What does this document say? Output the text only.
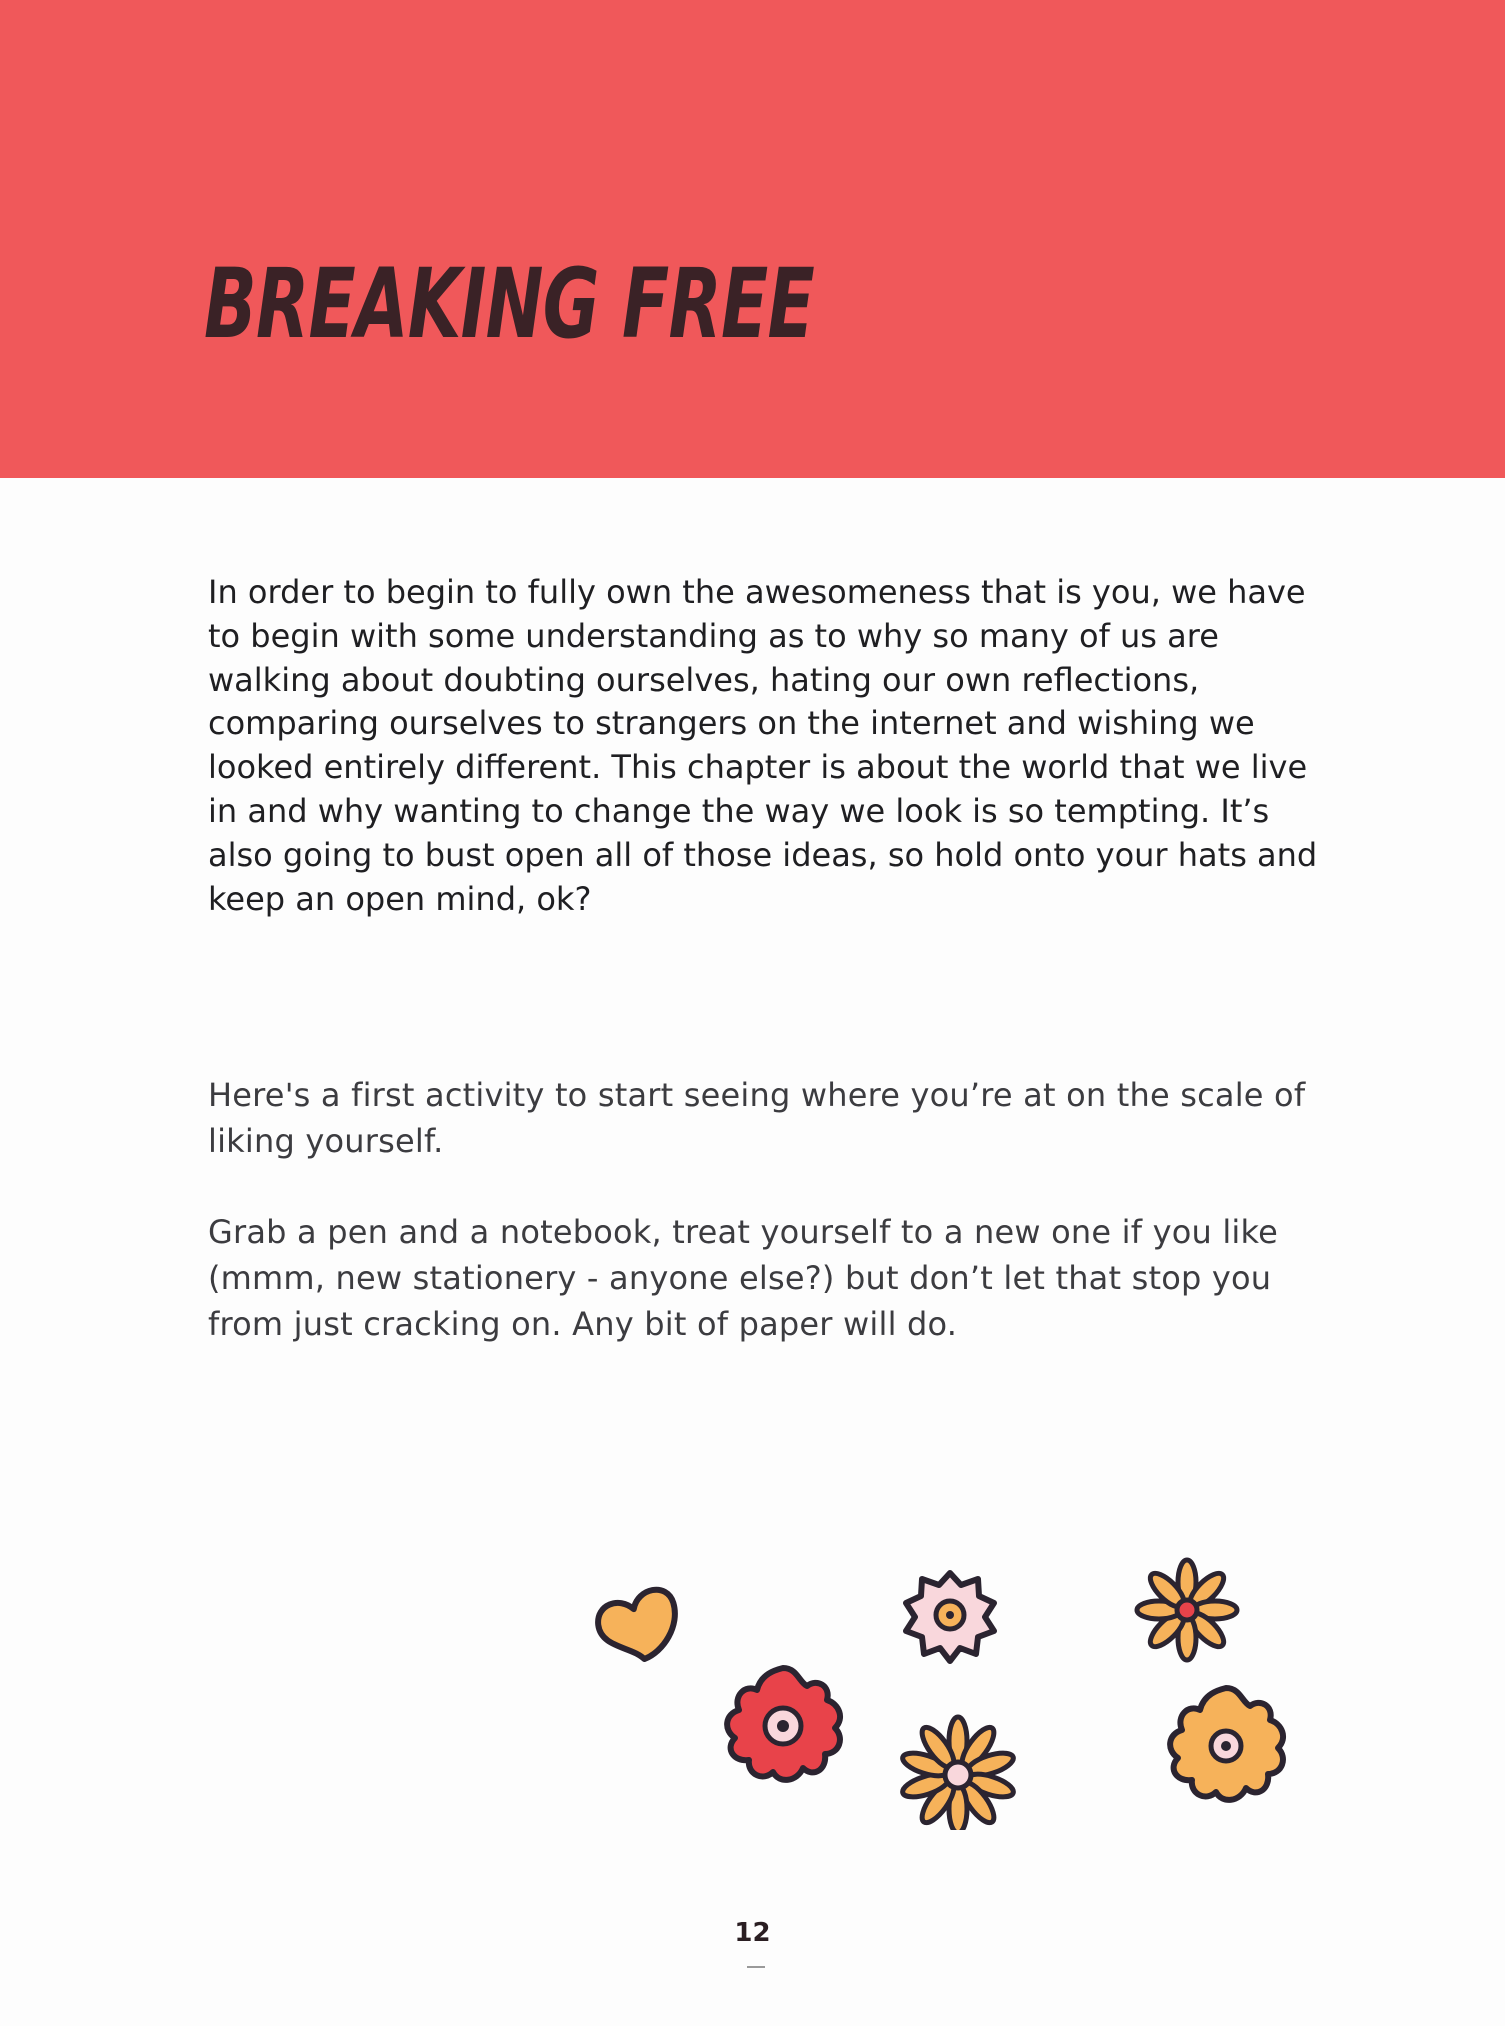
BREAKING FREE

In order to begin to fully own the awesomeness that is you, we have to begin with some understanding as to why so many of us are walking about doubting ourselves, hating our own reflections, comparing ourselves to strangers on the internet and wishing we looked entirely different. This chapter is about the world that we live in and why wanting to change the way we look is so tempting. It’s also going to bust open all of those ideas, so hold onto your hats and keep an open mind, ok?

Here's a first activity to start seeing where you’re at on the scale of liking yourself.

Grab a pen and a notebook, treat yourself to a new one if you like (mmm, new stationery - anyone else?) but don’t let that stop you from just cracking on. Any bit of paper will do.

12
